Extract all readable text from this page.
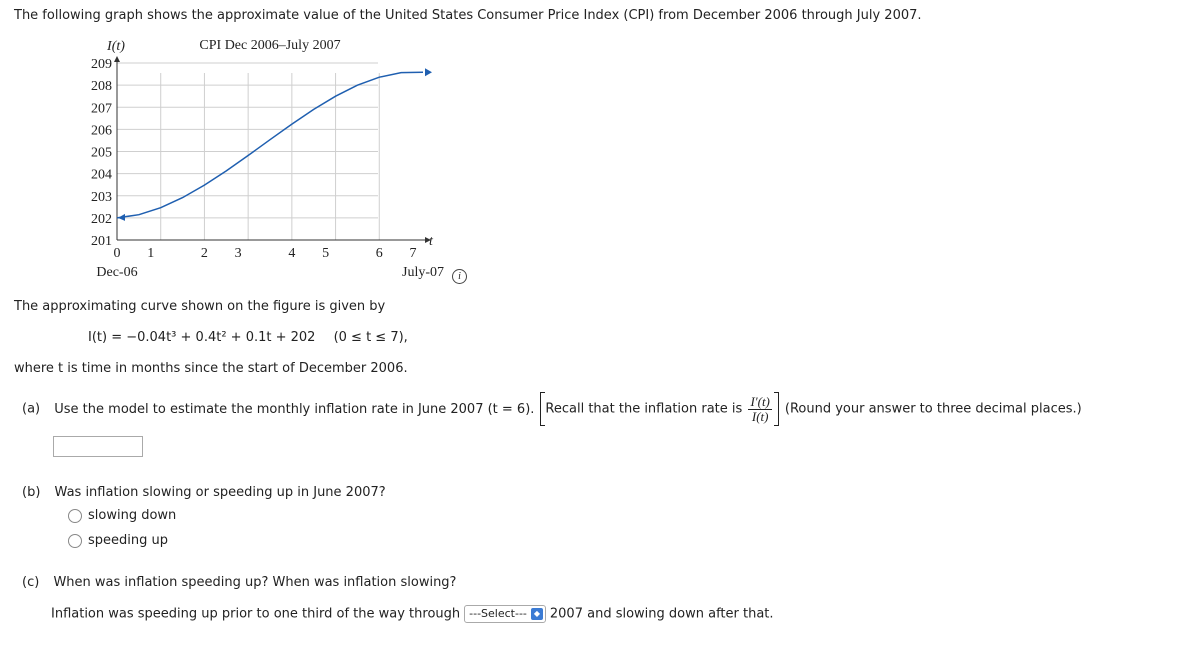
The following graph shows the approximate value of the United States Consumer Price Index (CPI) from December 2006 through July 2007.
201
202
203
204
205
206
207
208
209
0 1	2 3	4 5	6 7
CPI Dec 2006–July 2007
I(t)
t
Dec-06	July-07	i
The approximating curve shown on the figure is given by
I(t) = −0.04t³ + 0.4t² + 0.1t + 202 (0 ≤ t ≤ 7),
where t is time in months since the start of December 2006.
(a) Use the model to estimate the monthly inflation rate in June 2007 (t = 6). Recall that the inflation rate is $\frac{I'(t)}{I(t)}$ (Round your answer to three decimal places.)
(b) Was inflation slowing or speeding up in June 2007?
slowing down
speeding up
(c) When was inflation speeding up? When was inflation slowing?
Inflation was speeding up prior to one third of the way through ---Select--- ◆ 2007 and slowing down after that.
